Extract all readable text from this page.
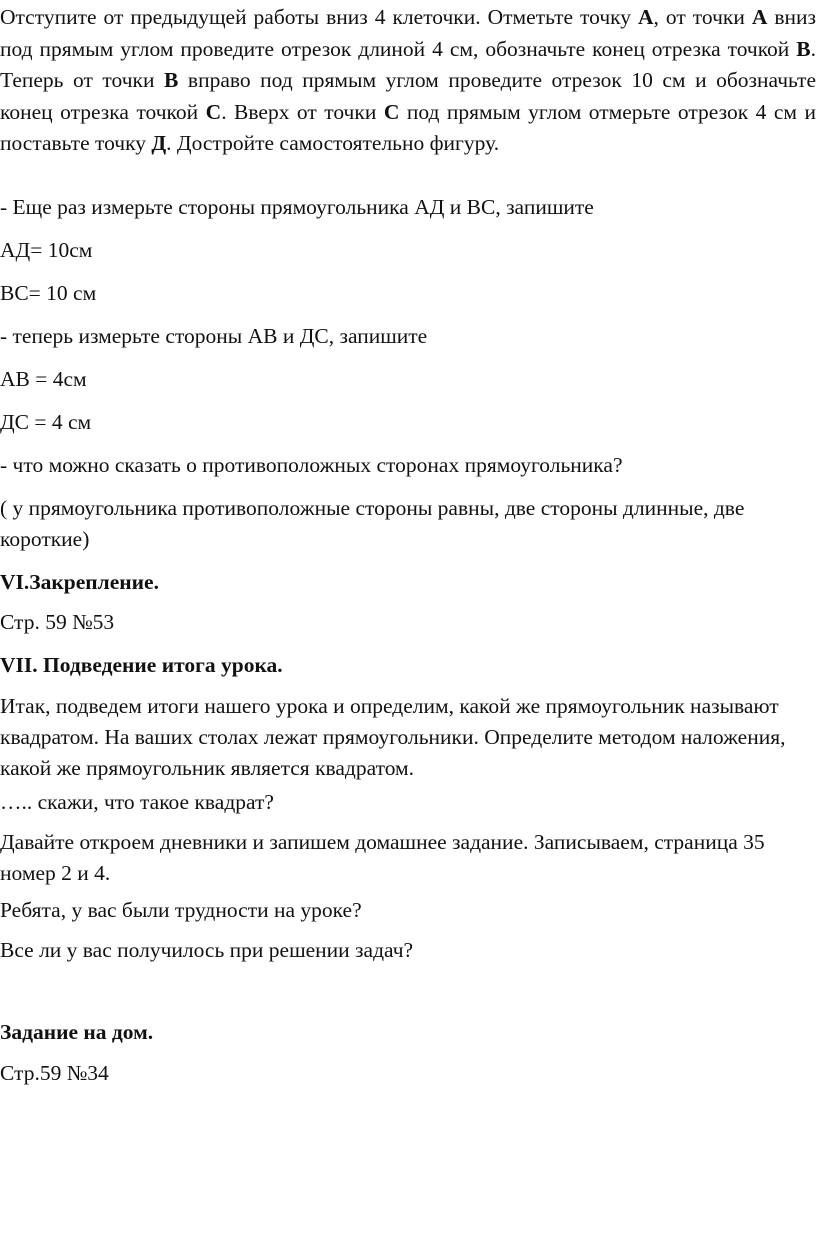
Отступите от предыдущей работы вниз 4 клеточки. Отметьте точку А, от точки А вниз под прямым углом проведите отрезок длиной 4 см, обозначьте конец отрезка точкой В. Теперь от точки В вправо под прямым углом проведите отрезок 10 см и обозначьте конец отрезка точкой С. Вверх от точки С под прямым углом отмерьте отрезок 4 см и поставьте точку Д. Достройте самостоятельно фигуру.

- Еще раз измерьте стороны прямоугольника АД и ВС, запишите

АД= 10см

ВС= 10 см

- теперь измерьте стороны АВ и ДС, запишите

АВ = 4см

ДС = 4 см

- что можно сказать о противоположных сторонах прямоугольника?

( у прямоугольника противоположные стороны равны, две стороны длинные, две короткие)

VI.Закрепление.

Стр. 59 №53

VII. Подведение итога урока.

Итак, подведем итоги нашего урока и определим, какой же прямоугольник называют квадратом. На ваших столах лежат прямоугольники. Определите методом наложения, какой же прямоугольник является квадратом.

….. скажи, что такое квадрат?

Давайте откроем дневники и запишем домашнее задание. Записываем, страница 35 номер 2 и 4.

Ребята, у вас были трудности на уроке?

Все ли у вас получилось при решении задач?

Задание на дом.

Стр.59 №34
